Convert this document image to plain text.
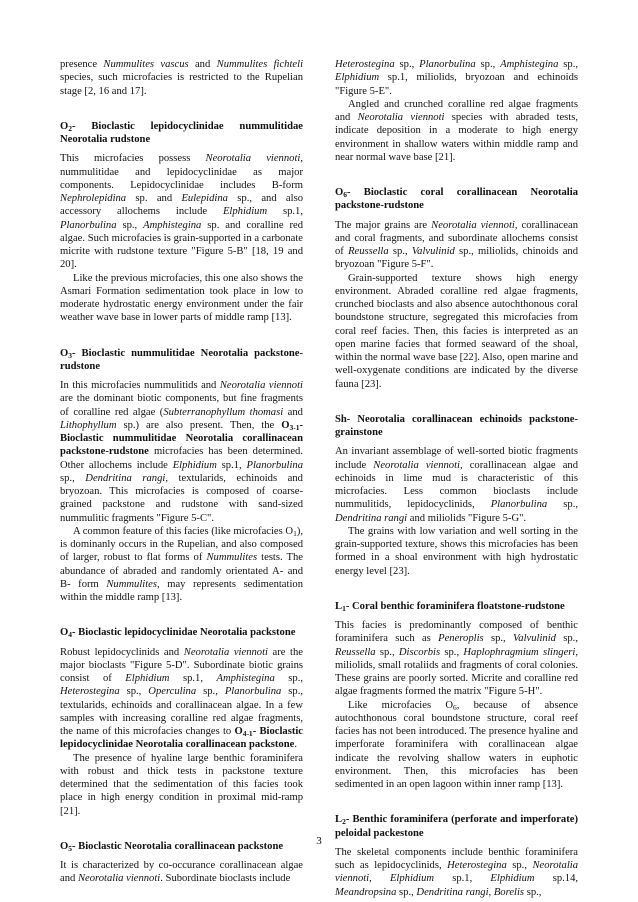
presence Nummulites vascus and Nummulites fichteli species, such microfacies is restricted to the Rupelian stage [2, 16 and 17].

$O_2-$ Bioclastic lepidocyclinidae nummulitidae Neorotalia rudstone

This microfacies possess Neorotalia viennoti, nummulitidae and lepidocyclinidae as major components. Lepidocyclinidae includes B-form Nephrolepidina sp. and Eulepidina sp., and also accessory allochems include Elphidium sp.1, Planorbulina sp., Amphistegina sp. and coralline red algae. Such microfacies is grain-supported in a carbonate micrite with rudstone texture "Figure 5-B" [18, 19 and 20].

Like the previous microfacies, this one also shows the Asmari Formation sedimentation took place in low to moderate hydrostatic energy environment under the fair weather wave base in lower parts of middle ramp [13].

$O_3-$ Bioclastic nummulitidae Neorotalia packstone-rudstone

In this microfacies nummulitids and Neorotalia viennoti are the dominant biotic components, but fine fragments of coralline red algae (Subterranophyllum thomasi and Lithophyllum sp.) are also present. Then, the $O_{3-1}-$ Bioclastic nummulitidae Neorotalia corallinacean packstone-rudstone microfacies has been determined. Other allochems include Elphidium sp.1, Planorbulina sp., Dendritina rangi, textularids, echinoids and bryozoan. This microfacies is composed of coarse-grained packstone and rudstone with sand-sized nummulitic fragments "Figure 5-C".

A common feature of this facies (like microfacies $O_1$), is dominanly occurs in the Rupelian, and also composed of larger, robust to flat forms of Nummulites tests. The abundance of abraded and randomly orientated A- and B- form Nummulites, may represents sedimentation within the middle ramp [13].

$O_4-$ Bioclastic lepidocyclinidae Neorotalia packstone

Robust lepidocyclinids and Neorotalia viennoti are the major bioclasts "Figure 5-D". Subordinate biotic grains consist of Elphidium sp.1, Amphistegina sp., Heterostegina sp., Operculina sp., Planorbulina sp., textularids, echinoids and corallinacean algae. In a few samples with increasing coralline red algae fragments, the name of this microfacies changes to $O_{4-1}-$ Bioclastic lepidocyclinidae Neorotalia corallinacean packstone.

The presence of hyaline large benthic foraminifera with robust and thick tests in packstone texture determined that the sedimentation of this facies took place in high energy condition in proximal mid-ramp [21].

$O_5-$ Bioclastic Neorotalia corallinacean packstone

It is characterized by co-occurance corallinacean algae and Neorotalia viennoti. Subordinate bioclasts include

Heterostegina sp., Planorbulina sp., Amphistegina sp., Elphidium sp.1, miliolids, bryozoan and echinoids "Figure 5-E".

Angled and crunched coralline red algae fragments and Neorotalia viennoti species with abraded tests, indicate deposition in a moderate to high energy environment in shallow waters within middle ramp and near normal wave base [21].

$O_6-$ Bioclastic coral corallinacean Neorotalia packstone-rudstone

The major grains are Neorotalia viennoti, corallinacean and coral fragments, and subordinate allochems consist of Reussella sp., Valvulinid sp., miliolids, chinoids and bryozoan "Figure 5-F".

Grain-supported texture shows high energy environment. Abraded coralline red algae fragments, crunched bioclasts and also absence autochthonous coral boundstone structure, segregated this microfacies from coral reef facies. Then, this facies is interpreted as an open marine facies that formed seaward of the shoal, within the normal wave base [22]. Also, open marine and well-oxygenate conditions are indicated by the diverse fauna [23].

Sh- Neorotalia corallinacean echinoids packstone-grainstone

An invariant assemblage of well-sorted biotic fragments include Neorotalia viennoti, corallinacean algae and echinoids in lime mud is characteristic of this microfacies. Less common bioclasts include nummulitids, lepidocyclinids, Planorbulina sp., Dendritina rangi and miliolids "Figure 5-G".

The grains with low variation and well sorting in the grain-supported texture, shows this microfacies has been formed in a shoal environment with high hydrostatic energy level [23].

$L_1-$ Coral benthic foraminifera floatstone-rudstone

This facies is predominantly composed of benthic foraminifera such as Peneroplis sp., Valvulinid sp., Reussella sp., Discorbis sp., Haplophragmium slingeri, miliolids, small rotaliids and fragments of coral colonies. These grains are poorly sorted. Micrite and coralline red algae fragments formed the matrix "Figure 5-H".

Like microfacies $O_6$, because of absence autochthonous coral boundstone structure, coral reef facies has not been introduced. The presence hyaline and imperforate foraminifera with corallinacean algae indicate the revolving shallow waters in euphotic environment. Then, this microfacies has been sedimented in an open lagoon within inner ramp [13].

$L_2-$ Benthic foraminifera (perforate and imperforate) peloidal packestone

The skeletal components include benthic foraminifera such as lepidocyclinids, Heterostegina sp., Neorotalia viennoti, Elphidium sp.1, Elphidium sp.14, Meandropsina sp., Dendritina rangi, Borelis sp.,

3
